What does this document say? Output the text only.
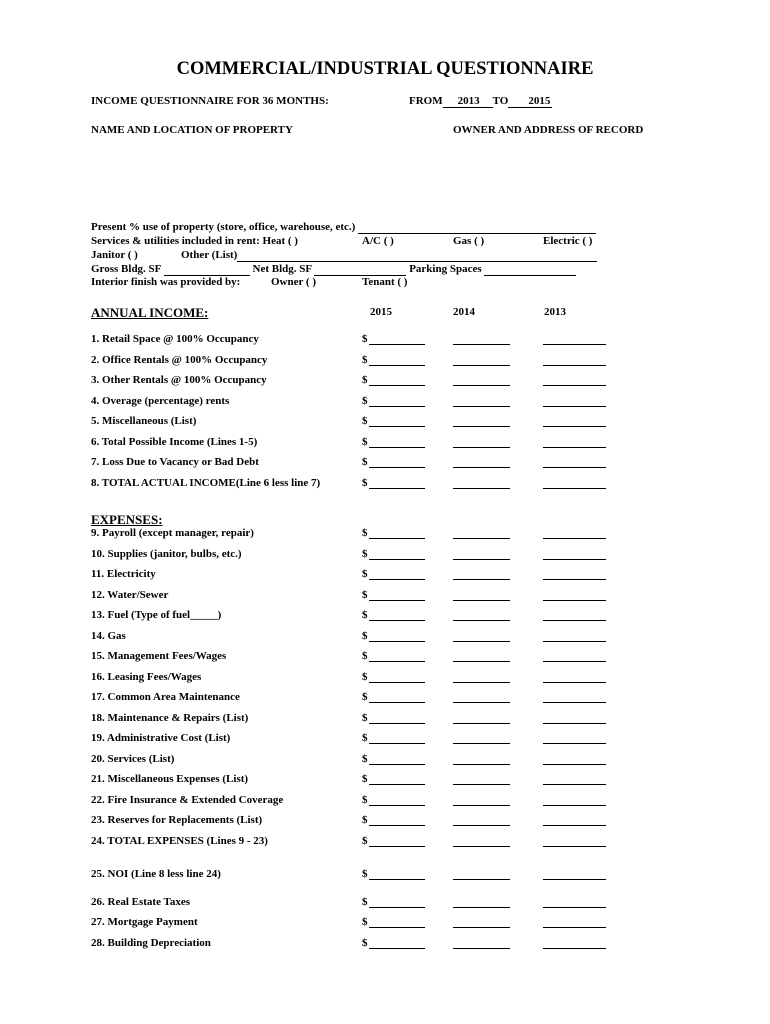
COMMERCIAL/INDUSTRIAL QUESTIONNAIRE
INCOME QUESTIONNAIRE FOR 36 MONTHS:	FROM 2013 TO 2015
NAME AND LOCATION OF PROPERTY	OWNER AND ADDRESS OF RECORD
Present % use of property (store, office, warehouse, etc.)
Services & utilities included in rent: Heat ( )	A/C ( )	Gas ( )	Electric ( )
Janitor ( )	Other (List)
Gross Bldg. SF	Net Bldg. SF	Parking Spaces
Interior finish was provided by:	Owner ( )	Tenant ( )
ANNUAL INCOME:	2015	2014	2013
EXPENSES:
1. Retail Space @ 100% Occupancy	$
2. Office Rentals @ 100% Occupancy	$
3. Other Rentals @ 100% Occupancy	$
4. Overage (percentage) rents	$
5. Miscellaneous (List)	$
6. Total Possible Income (Lines 1-5)	$
7. Loss Due to Vacancy or Bad Debt	$
8. TOTAL ACTUAL INCOME(Line 6 less line 7)	$
9. Payroll (except manager, repair)	$
10. Supplies (janitor, bulbs, etc.)	$
11. Electricity	$
12. Water/Sewer	$
13. Fuel (Type of fuel_____)	$
14. Gas	$
15. Management Fees/Wages	$
16. Leasing Fees/Wages	$
17. Common Area Maintenance	$
18. Maintenance & Repairs (List)	$
19. Administrative Cost (List)	$
20. Services (List)	$
21. Miscellaneous Expenses (List)	$
22. Fire Insurance & Extended Coverage	$
23. Reserves for Replacements (List)	$
24. TOTAL EXPENSES (Lines 9 - 23)	$
25. NOI (Line 8 less line 24)	$
26. Real Estate Taxes	$
27. Mortgage Payment	$
28. Building Depreciation	$
